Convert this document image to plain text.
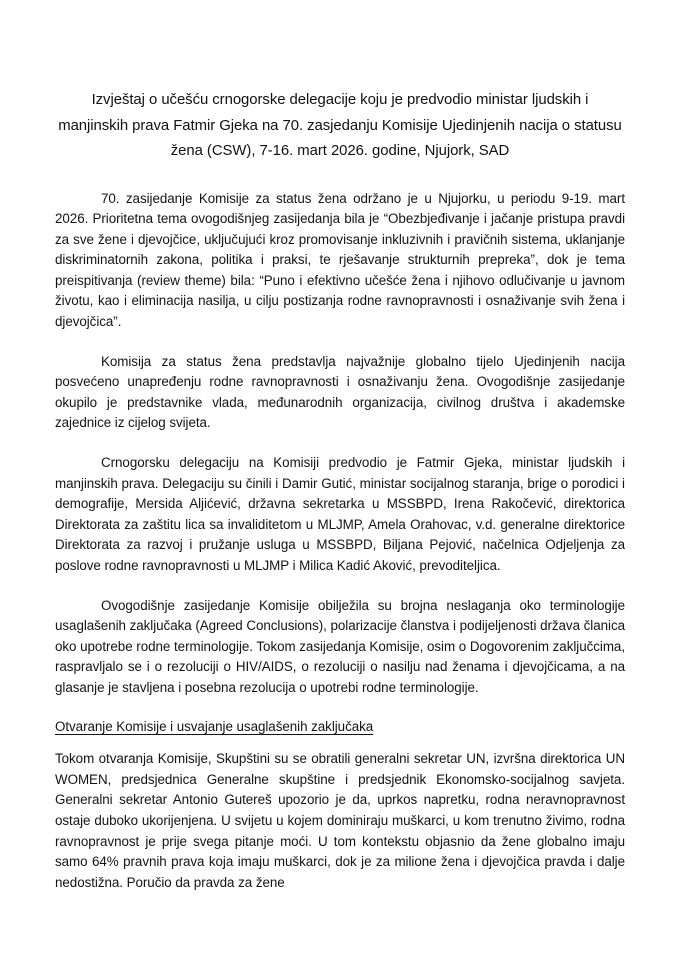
Izvještaj o učešću crnogorske delegacije koju je predvodio ministar ljudskih i manjinskih prava Fatmir Gjeka na 70. zasjedanju Komisije Ujedinjenih nacija o statusu žena (CSW), 7-16. mart 2026. godine, Njujork, SAD

70. zasijedanje Komisije za status žena održano je u Njujorku, u periodu 9-19. mart 2026. Prioritetna tema ovogodišnjeg zasijedanja bila je “Obezbjeđivanje i jačanje pristupa pravdi za sve žene i djevojčice, uključujući kroz promovisanje inkluzivnih i pravičnih sistema, uklanjanje diskriminatornih zakona, politika i praksi, te rješavanje strukturnih prepreka”, dok je tema preispitivanja (review theme) bila: “Puno i efektivno učešće žena i njihovo odlučivanje u javnom životu, kao i eliminacija nasilja, u cilju postizanja rodne ravnopravnosti i osnaživanje svih žena i djevojčica”.

Komisija za status žena predstavlja najvažnije globalno tijelo Ujedinjenih nacija posvećeno unapređenju rodne ravnopravnosti i osnaživanju žena. Ovogodišnje zasijedanje okupilo je predstavnike vlada, međunarodnih organizacija, civilnog društva i akademske zajednice iz cijelog svijeta.

Crnogorsku delegaciju na Komisiji predvodio je Fatmir Gjeka, ministar ljudskih i manjinskih prava. Delegaciju su činili i Damir Gutić, ministar socijalnog staranja, brige o porodici i demografije, Mersida Aljićević, državna sekretarka u MSSBPD, Irena Rakočević, direktorica Direktorata za zaštitu lica sa invaliditetom u MLJMP, Amela Orahovac, v.d. generalne direktorice Direktorata za razvoj i pružanje usluga u MSSBPD, Biljana Pejović, načelnica Odjeljenja za poslove rodne ravnopravnosti u MLJMP i Milica Kadić Aković, prevoditeljica.

Ovogodišnje zasijedanje Komisije obilježila su brojna neslaganja oko terminologije usaglašenih zaključaka (Agreed Conclusions), polarizacije članstva i podijeljenosti država članica oko upotrebe rodne terminologije. Tokom zasijedanja Komisije, osim o Dogovorenim zaključcima, raspravljalo se i o rezoluciji o HIV/AIDS, o rezoluciji o nasilju nad ženama i djevojčicama, a na glasanje je stavljena i posebna rezolucija o upotrebi rodne terminologije.

Otvaranje Komisije i usvajanje usaglašenih zaključaka

Tokom otvaranja Komisije, Skupštini su se obratili generalni sekretar UN, izvršna direktorica UN WOMEN, predsjednica Generalne skupštine i predsjednik Ekonomsko-socijalnog savjeta. Generalni sekretar Antonio Gutereš upozorio je da, uprkos napretku, rodna neravnopravnost ostaje duboko ukorijenjena. U svijetu u kojem dominiraju muškarci, u kom trenutno živimo, rodna ravnopravnost je prije svega pitanje moći. U tom kontekstu objasnio da žene globalno imaju samo 64% pravnih prava koja imaju muškarci, dok je za milione žena i djevojčica pravda i dalje nedostižna. Poručio da pravda za žene
